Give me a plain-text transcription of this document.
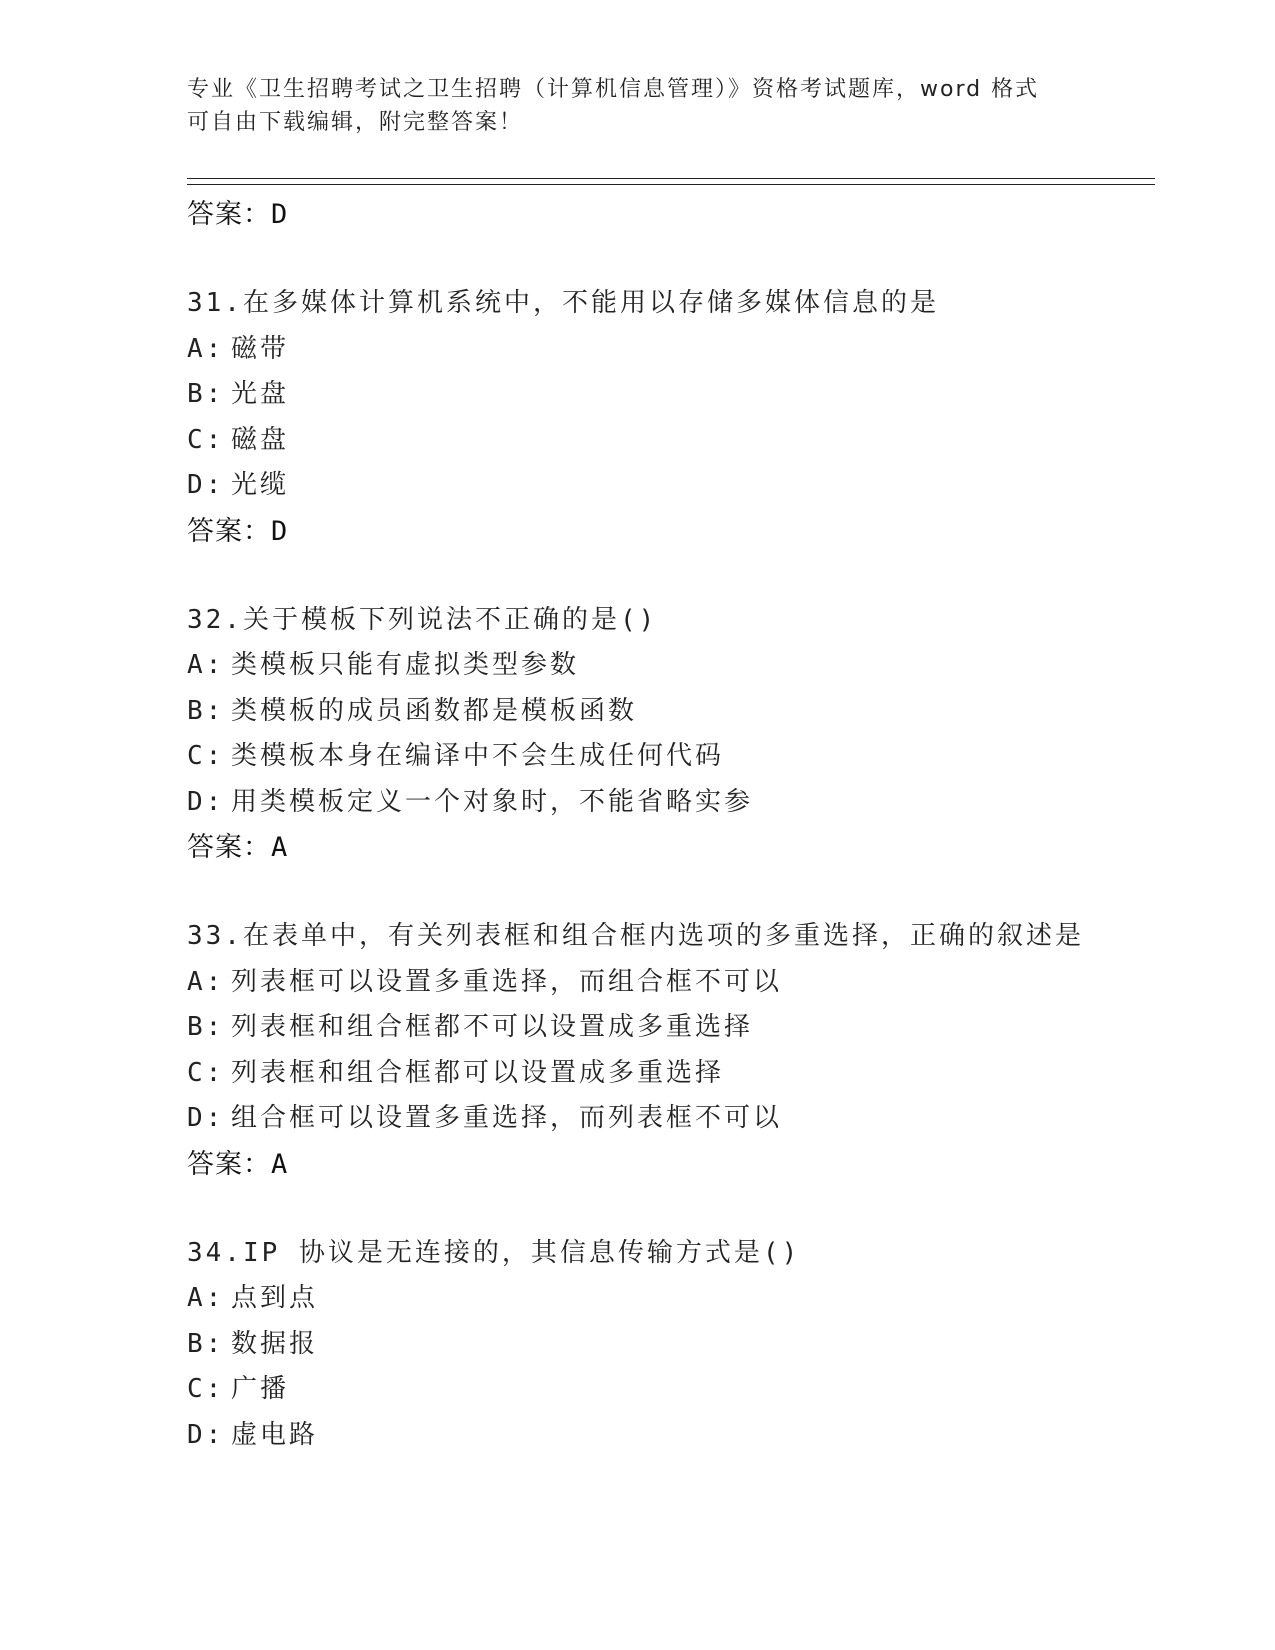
专业《卫生招聘考试之卫生招聘（计算机信息管理）》资格考试题库，word 格式
可自由下载编辑，附完整答案！
答案：D
31.在多媒体计算机系统中，不能用以存储多媒体信息的是
A: 磁带
B: 光盘
C: 磁盘
D: 光缆
答案：D
32.关于模板下列说法不正确的是()
A: 类模板只能有虚拟类型参数
B: 类模板的成员函数都是模板函数
C: 类模板本身在编译中不会生成任何代码
D: 用类模板定义一个对象时，不能省略实参
答案：A
33.在表单中，有关列表框和组合框内选项的多重选择，正确的叙述是
A: 列表框可以设置多重选择，而组合框不可以
B: 列表框和组合框都不可以设置成多重选择
C: 列表框和组合框都可以设置成多重选择
D: 组合框可以设置多重选择，而列表框不可以
答案：A
34.IP 协议是无连接的，其信息传输方式是()
A: 点到点
B: 数据报
C: 广播
D: 虚电路
